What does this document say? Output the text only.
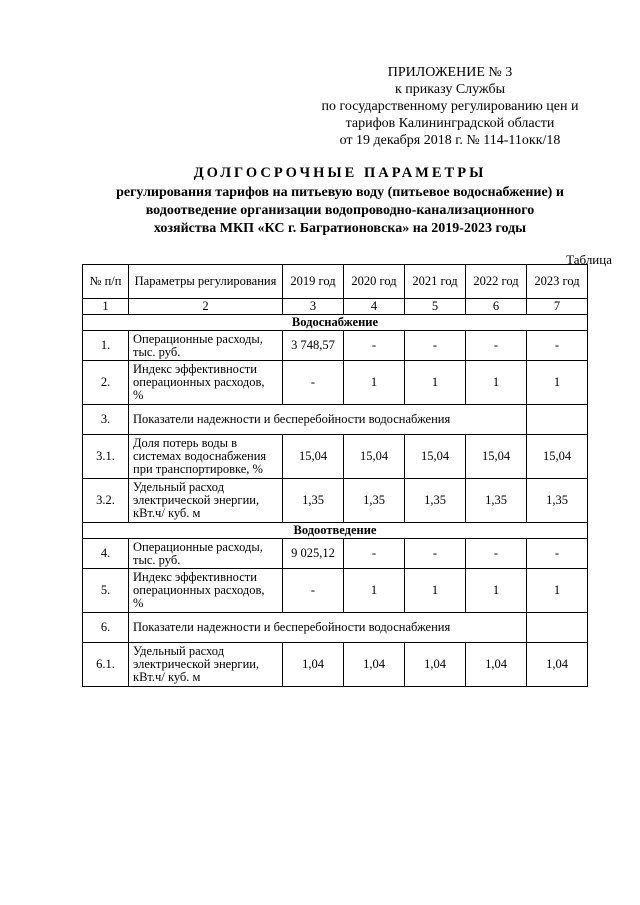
ПРИЛОЖЕНИЕ № 3
к приказу Службы
по государственному регулированию цен и
тарифов Калининградской области
от 19 декабря 2018 г. № 114-11окк/18
ДОЛГОСРОЧНЫЕ ПАРАМЕТРЫ
регулирования тарифов на питьевую воду (питьевое водоснабжение) и
водоотведение организации водопроводно-канализационного
хозяйства МКП «КС г. Багратионовска» на 2019-2023 годы
Таблица
№ п/п	Параметры регулирования	2019 год	2020 год	2021 год	2022 год	2023 год
1	2	3	4	5	6	7
Водоснабжение						
1.	Операционные расходы, тыс. руб.	3 748,57	-	-	-	-
2.	Индекс эффективности операционных расходов, %	-	1	1	1	1
3.	Показатели надежности и бесперебойности водоснабжения					
3.1.	Доля потерь воды в системах водоснабжения при транспортировке, %	15,04	15,04	15,04	15,04	15,04
3.2.	Удельный расход электрической энергии, кВт.ч/ куб. м	1,35	1,35	1,35	1,35	1,35
Водоотведение						
4.	Операционные расходы, тыс. руб.	9 025,12	-	-	-	-
5.	Индекс эффективности операционных расходов, %	-	1	1	1	1
6.	Показатели надежности и бесперебойности водоснабжения					
6.1.	Удельный расход электрической энергии, кВт.ч/ куб. м	1,04	1,04	1,04	1,04	1,04
